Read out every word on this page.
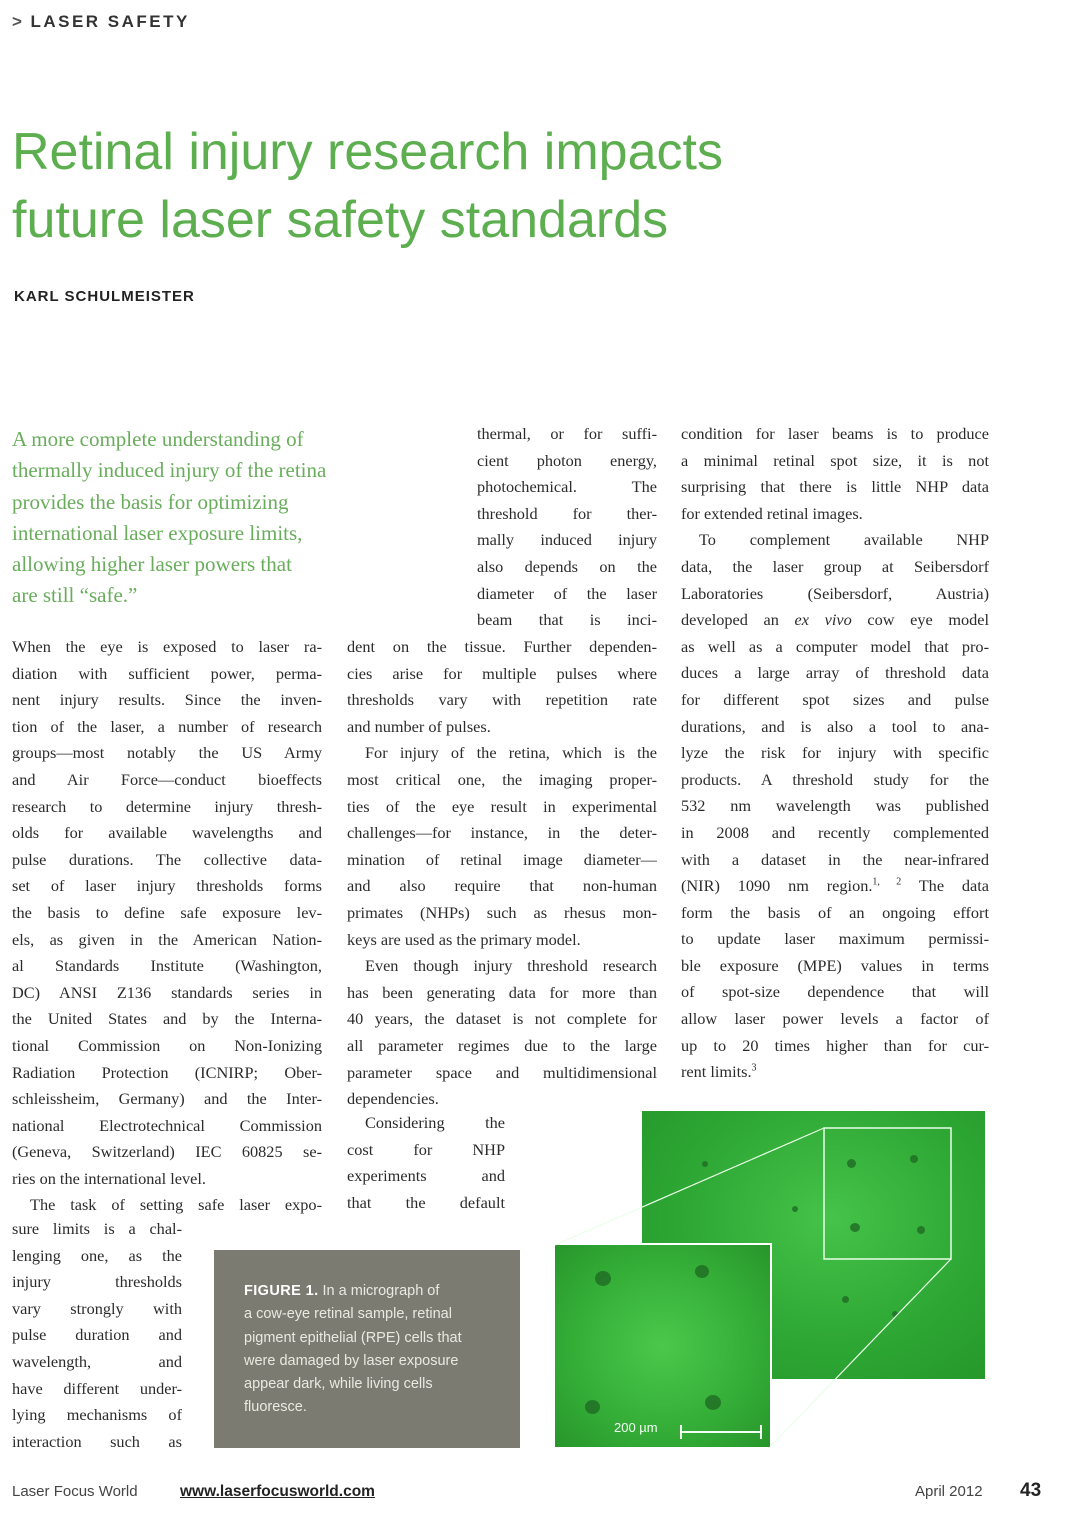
> LASER SAFETY
Retinal injury research impacts
future laser safety standards
KARL SCHULMEISTER
A more complete understanding of
thermally induced injury of the retina
provides the basis for optimizing
international laser exposure limits,
allowing higher laser powers that
are still “safe.”
When the eye is exposed to laser ra-
diation with sufficient power, perma-
nent injury results. Since the inven-
tion of the laser, a number of research
groups—most notably the US Army
and Air Force—conduct bioeffects
research to determine injury thresh-
olds for available wavelengths and
pulse durations. The collective data-
set of laser injury thresholds forms
the basis to define safe exposure lev-
els, as given in the American Nation-
al Standards Institute (Washington,
DC) ANSI Z136 standards series in
the United States and by the Interna-
tional Commission on Non-Ionizing
Radiation Protection (ICNIRP; Ober-
schleissheim, Germany) and the Inter-
national Electrotechnical Commission
(Geneva, Switzerland) IEC 60825 se-
ries on the international level.
The task of setting safe laser expo-
sure limits is a chal-
lenging one, as the
injury thresholds
vary strongly with
pulse duration and
wavelength, and
have different under-
lying mechanisms of
interaction such as
thermal, or for suffi-
cient photon energy,
photochemical. The
threshold for ther-
mally induced injury
also depends on the
diameter of the laser
beam that is inci-
dent on the tissue. Further dependen-
cies arise for multiple pulses where
thresholds vary with repetition rate
and number of pulses.
For injury of the retina, which is the
most critical one, the imaging proper-
ties of the eye result in experimental
challenges—for instance, in the deter-
mination of retinal image diameter—
and also require that non-human
primates (NHPs) such as rhesus mon-
keys are used as the primary model.
Even though injury threshold research
has been generating data for more than
40 years, the dataset is not complete for
all parameter regimes due to the large
parameter space and multidimensional
dependencies.
Considering the
cost for NHP
experiments and
that the default
condition for laser beams is to produce
a minimal retinal spot size, it is not
surprising that there is little NHP data
for extended retinal images.
To complement available NHP
data, the laser group at Seibersdorf
Laboratories (Seibersdorf, Austria)
developed an ex vivo cow eye model
as well as a computer model that pro-
duces a large array of threshold data
for different spot sizes and pulse
durations, and is also a tool to ana-
lyze the risk for injury with specific
products. A threshold study for the
532 nm wavelength was published
in 2008 and recently complemented
with a dataset in the near-infrared
(NIR) 1090 nm region.$^{1, 2}$ The data
form the basis of an ongoing effort
to update laser maximum permissi-
ble exposure (MPE) values in terms
of spot-size dependence that will
allow laser power levels a factor of
up to 20 times higher than for cur-
rent limits.$^3$
FIGURE 1. In a micrograph of
a cow-eye retinal sample, retinal
pigment epithelial (RPE) cells that
were damaged by laser exposure
appear dark, while living cells
fluoresce.
200 µm
Laser Focus World	www.laserfocusworld.com	April 2012 43
